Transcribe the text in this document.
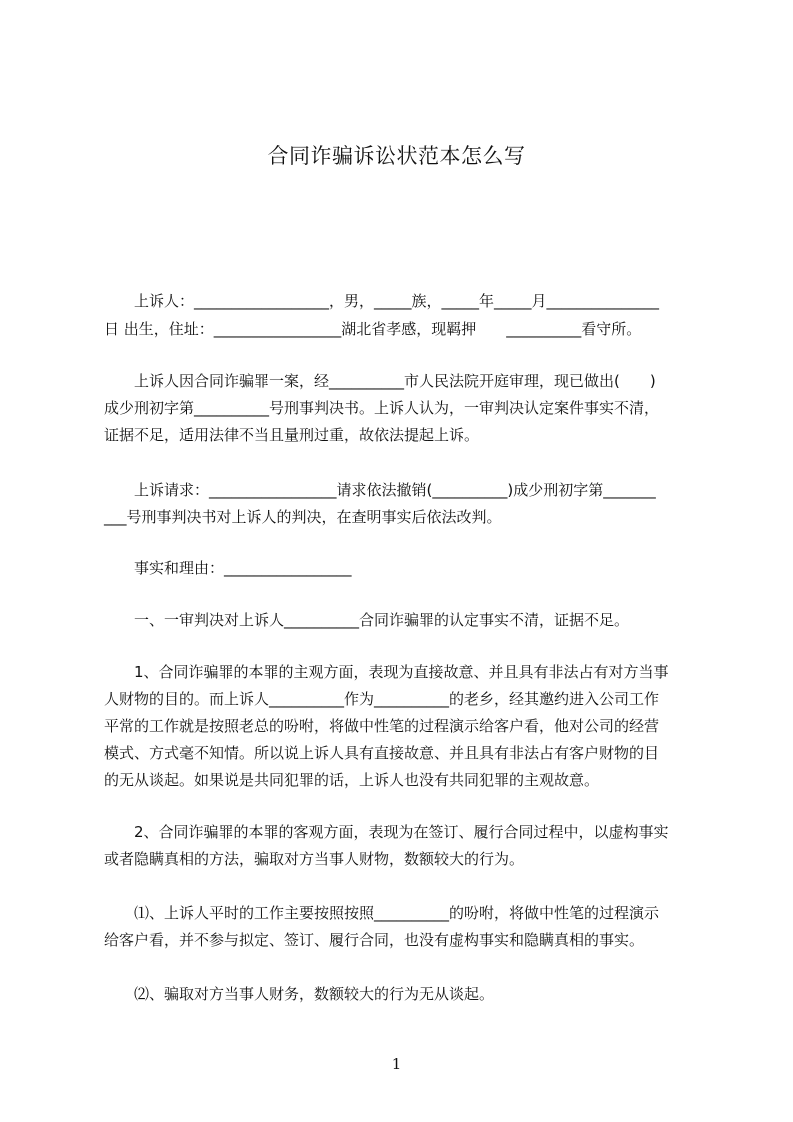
合同诈骗诉讼状范本怎么写
　　上诉人：__________________，男，_____族，_____年_____月_______________
日 出生，住址：_________________湖北省孝感，现羁押　　__________看守所。
　　上诉人因合同诈骗罪一案，经__________市人民法院开庭审理，现已做出(　　)
成少刑初字第__________号刑事判决书。上诉人认为，一审判决认定案件事实不清，
证据不足，适用法律不当且量刑过重，故依法提起上诉。
　　上诉请求：_________________请求依法撤销(__________)成少刑初字第_______
___号刑事判决书对上诉人的判决，在查明事实后依法改判。
　　事实和理由：_________________
　　一、一审判决对上诉人__________合同诈骗罪的认定事实不清，证据不足。
　　1、合同诈骗罪的本罪的主观方面，表现为直接故意、并且具有非法占有对方当事
人财物的目的。而上诉人__________作为__________的老乡，经其邀约进入公司工作
平常的工作就是按照老总的吩咐，将做中性笔的过程演示给客户看，他对公司的经营
模式、方式毫不知情。所以说上诉人具有直接故意、并且具有非法占有客户财物的目
的无从谈起。如果说是共同犯罪的话，上诉人也没有共同犯罪的主观故意。
　　2、合同诈骗罪的本罪的客观方面，表现为在签订、履行合同过程中，以虚构事实
或者隐瞒真相的方法，骗取对方当事人财物，数额较大的行为。
　　⑴、上诉人平时的工作主要按照按照__________的吩咐，将做中性笔的过程演示
给客户看，并不参与拟定、签订、履行合同，也没有虚构事实和隐瞒真相的事实。
　　⑵、骗取对方当事人财务，数额较大的行为无从谈起。
1
